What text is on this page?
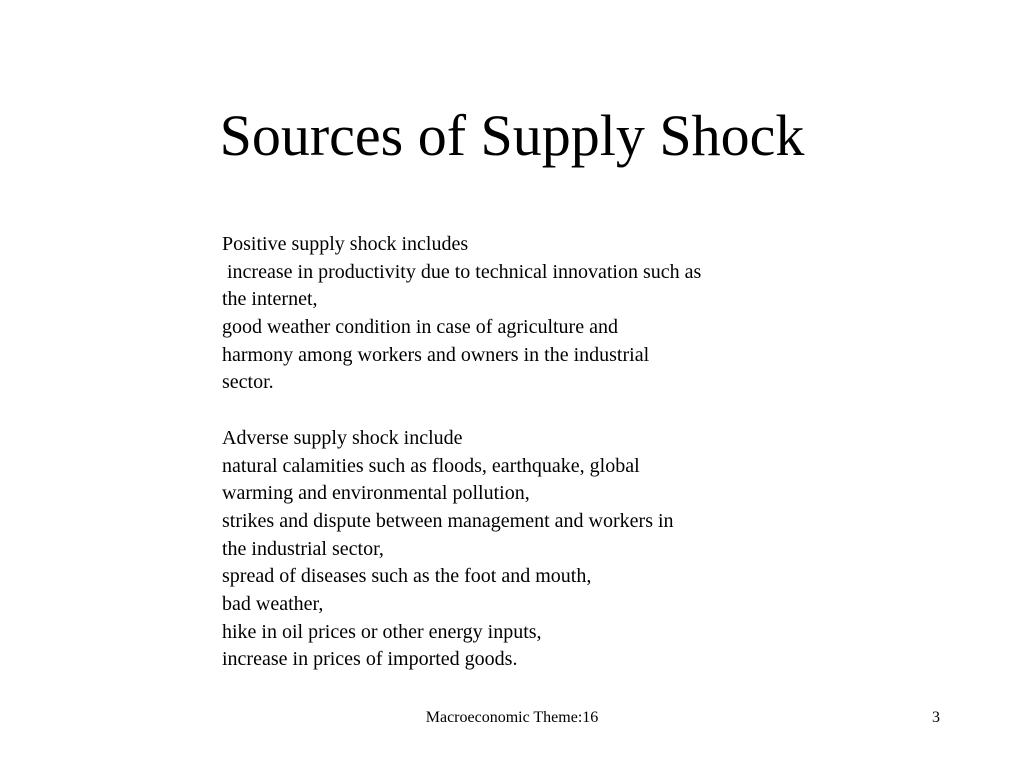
Sources of Supply Shock
Positive supply shock includes
increase in productivity due to technical innovation such as
the internet,
good weather condition in case of agriculture and
harmony among workers and owners in the industrial
sector.
Adverse supply shock include
natural calamities such as floods, earthquake, global
warming and environmental pollution,
strikes and dispute between management and workers in
the industrial sector,
spread of diseases such as the foot and mouth,
bad weather,
hike in oil prices or other energy inputs,
increase in prices of imported goods.
Macroeconomic Theme:16	3
